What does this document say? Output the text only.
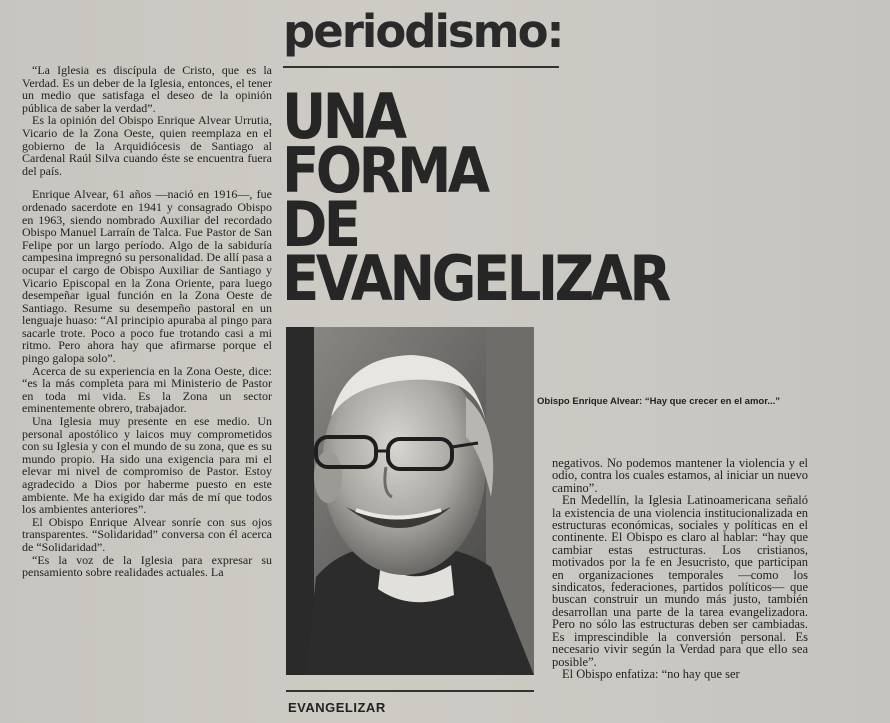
periodismo:
UNA
FORMA
DE
EVANGELIZAR

“La Iglesia es discípula de Cristo, que es la Verdad. Es un deber de la Iglesia, entonces, el tener un medio que satisfaga el deseo de la opinión pública de saber la verdad”.

Es la opinión del Obispo Enrique Alvear Urrutia, Vicario de la Zona Oeste, quien reemplaza en el gobierno de la Arquidiócesis de Santiago al Cardenal Raúl Silva cuando éste se encuentra fuera del país.

Enrique Alvear, 61 años —nació en 1916—, fue ordenado sacerdote en 1941 y consagrado Obispo en 1963, siendo nombrado Auxiliar del recordado Obispo Manuel Larraín de Talca. Fue Pastor de San Felipe por un largo período. Algo de la sabiduría campesina impregnó su personalidad. De allí pasa a ocupar el cargo de Obispo Auxiliar de Santiago y Vicario Episcopal en la Zona Oriente, para luego desempeñar igual función en la Zona Oeste de Santiago. Resume su desempeño pastoral en un lenguaje huaso: “Al principio apuraba al pingo para sacarle trote. Poco a poco fue trotando casi a mi ritmo. Pero ahora hay que afirmarse porque el pingo galopa solo”.

Acerca de su experiencia en la Zona Oeste, dice: “es la más completa para mi Ministerio de Pastor en toda mi vida. Es la Zona un sector eminentemente obrero, trabajador.

Una Iglesia muy presente en ese medio. Un personal apostólico y laicos muy comprometidos con su Iglesia y con el mundo de su zona, que es su mundo propio. Ha sido una exigencia para mi el elevar mi nivel de compromiso de Pastor. Estoy agradecido a Dios por haberme puesto en este ambiente. Me ha exigido dar más de mí que todos los ambientes anteriores”.

El Obispo Enrique Alvear sonríe con sus ojos transparentes. “Solidaridad” conversa con él acerca de “Solidaridad”.

“Es la voz de la Iglesia para expresar su pensamiento sobre realidades actuales. La

Obispo Enrique Alvear: “Hay que crecer en el amor...”

negativos. No podemos mantener la violencia y el odio, contra los cuales estamos, al iniciar un nuevo camino”.

En Medellín, la Iglesia Latinoamericana señaló la existencia de una violencia institucionalizada en estructuras económicas, sociales y políticas en el continente. El Obispo es claro al hablar: “hay que cambiar estas estructuras. Los cristianos, motivados por la fe en Jesucristo, que participan en organizaciones temporales —como los sindicatos, federaciones, partidos políticos— que buscan construir un mundo más justo, también desarrollan una parte de la tarea evangelizadora. Pero no sólo las estructuras deben ser cambiadas. Es imprescindible la conversión personal. Es necesario vivir según la Verdad para que ello sea posible”.

El Obispo enfatiza: “no hay que ser

EVANGELIZAR
